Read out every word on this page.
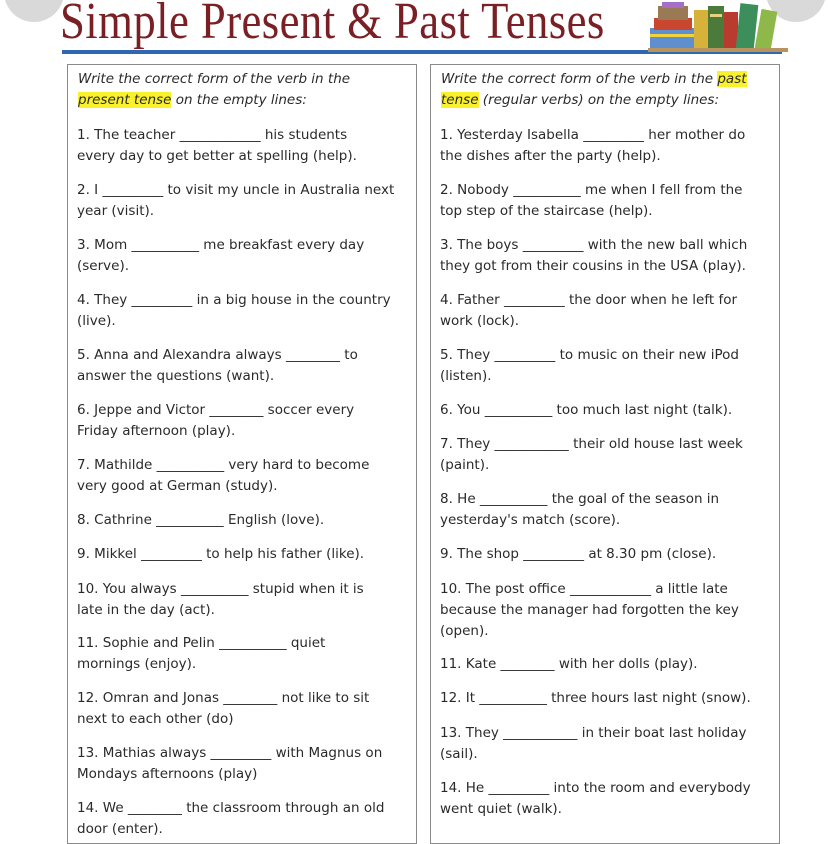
Simple Present & Past Tenses
Write the correct form of the verb in the
present tense on the empty lines:
1. The teacher ____________ his students
every day to get better at spelling (help).
2. I _________ to visit my uncle in Australia next
year (visit).
3. Mom __________ me breakfast every day
(serve).
4. They _________ in a big house in the country
(live).
5. Anna and Alexandra always ________ to
answer the questions (want).
6. Jeppe and Victor ________ soccer every
Friday afternoon (play).
7. Mathilde __________ very hard to become
very good at German (study).
8. Cathrine __________ English (love).
9. Mikkel _________ to help his father (like).
10. You always __________ stupid when it is
late in the day (act).
11. Sophie and Pelin __________ quiet
mornings (enjoy).
12. Omran and Jonas ________ not like to sit
next to each other (do)
13. Mathias always _________ with Magnus on
Mondays afternoons (play)
14. We ________ the classroom through an old
door (enter).
Write the correct form of the verb in the past
tense (regular verbs) on the empty lines:
1. Yesterday Isabella _________ her mother do
the dishes after the party (help).
2. Nobody __________ me when I fell from the
top step of the staircase (help).
3. The boys _________ with the new ball which
they got from their cousins in the USA (play).
4. Father _________ the door when he left for
work (lock).
5. They _________ to music on their new iPod
(listen).
6. You __________ too much last night (talk).
7. They ___________ their old house last week
(paint).
8. He __________ the goal of the season in
yesterday's match (score).
9. The shop _________ at 8.30 pm (close).
10. The post office ____________ a little late
because the manager had forgotten the key
(open).
11. Kate ________ with her dolls (play).
12. It __________ three hours last night (snow).
13. They ___________ in their boat last holiday
(sail).
14. He _________ into the room and everybody
went quiet (walk).
